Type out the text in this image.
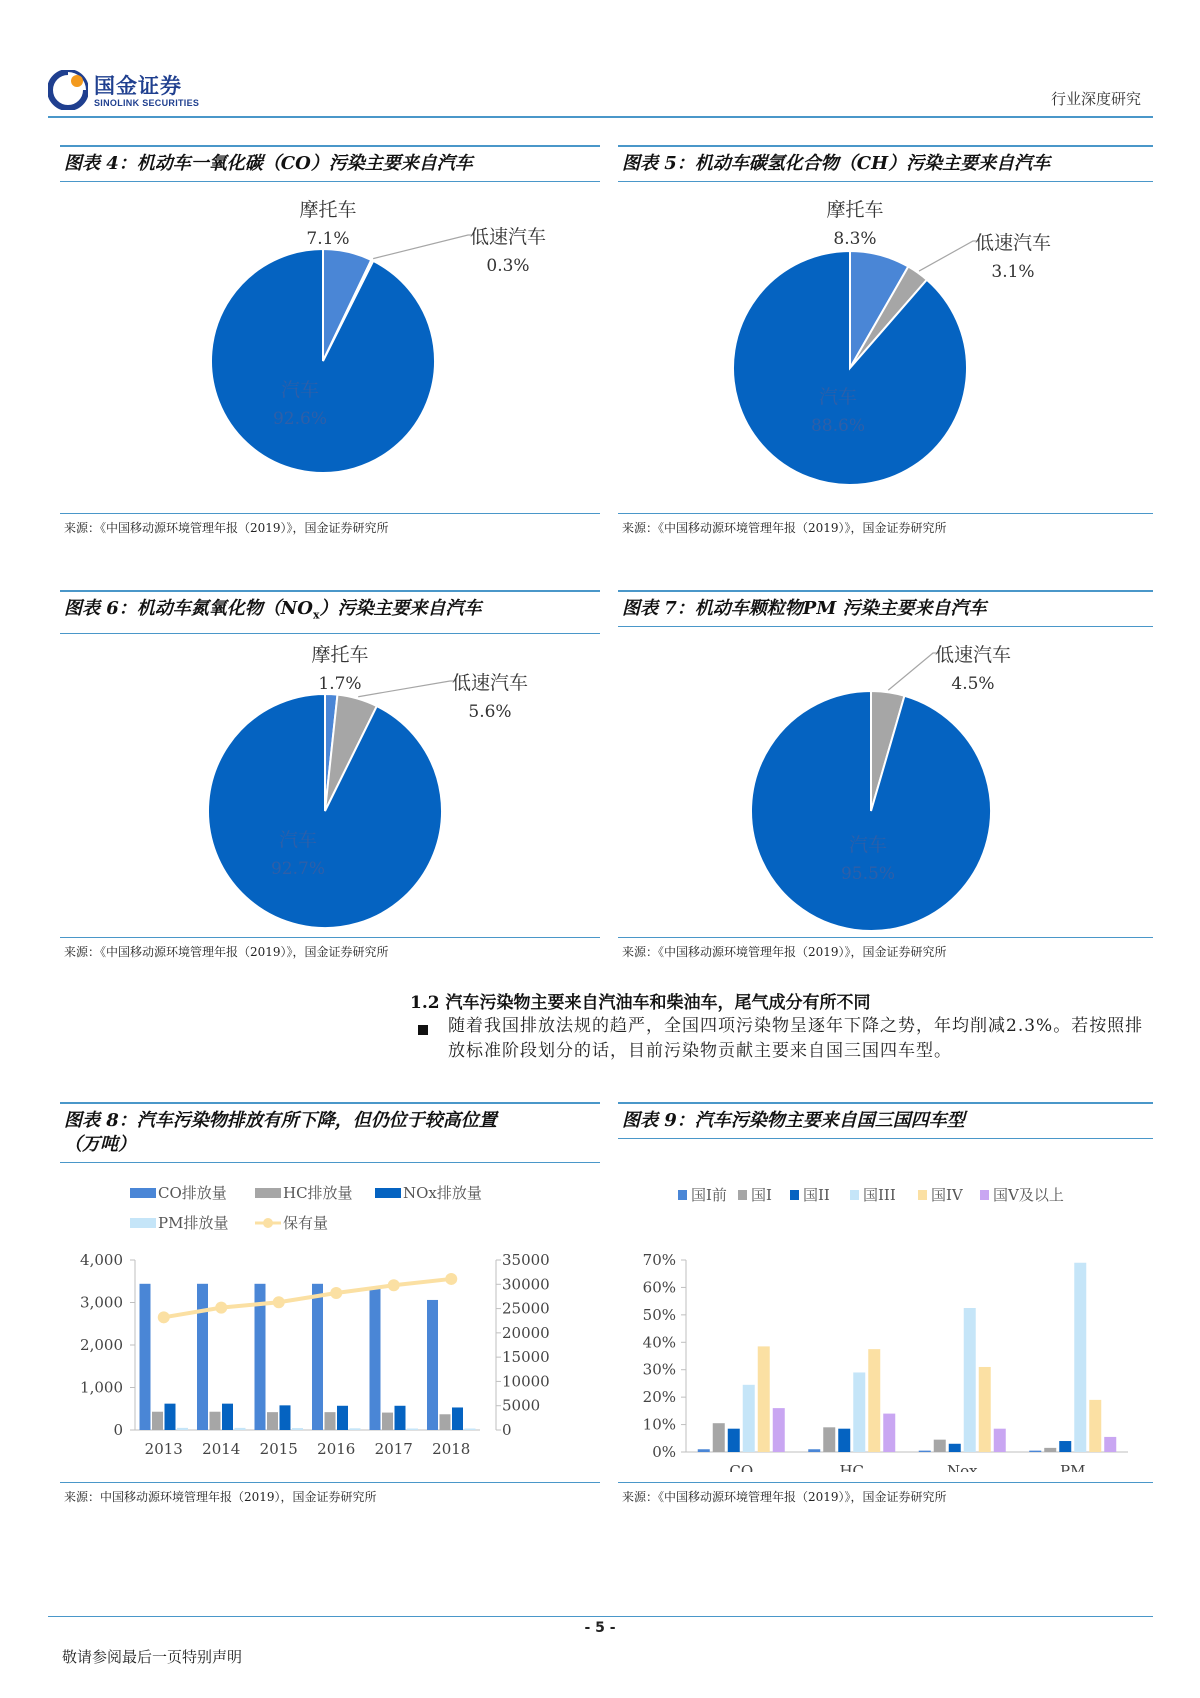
国金证券
SINOLINK SECURITIES	行业深度研究
图表 4：机动车一氧化碳（CO）污染主要来自汽车
摩托车
7.1%	低速汽车
0.3%
汽车
92.6%
来源：《中国移动源环境管理年报（2019）》，国金证券研究所
图表 5：机动车碳氢化合物（CH）污染主要来自汽车
摩托车
8.3%	低速汽车
3.1%
汽车
88.6%
来源：《中国移动源环境管理年报（2019）》，国金证券研究所
图表 6：机动车氮氧化物$(NO_x)$污染主要来自汽车
摩托车
1.7%	低速汽车
5.6%
汽车
92.7%
来源：《中国移动源环境管理年报（2019）》，国金证券研究所
图表 7：机动车颗粒物PM 污染主要来自汽车
低速汽车
4.5%
汽车
95.5%
来源：《中国移动源环境管理年报（2019）》，国金证券研究所
1.2 汽车污染物主要来自汽油车和柴油车，尾气成分有所不同
随着我国排放法规的趋严，全国四项污染物呈逐年下降之势，年均削减2.3%。若按照排放标准阶段划分的话，目前污染物贡献主要来自国三国四车型。
图表 8：汽车污染物排放有所下降，但仍位于较高位置
（万吨）
CO排放量	HC排放量	NOx排放量
PM排放量	保有量
4,000
3,000
2,000
1,000
0
35000
30000
25000
20000
15000
10000
5000
0
2013 2014 2015 2016 2017 2018
来源：中国移动源环境管理年报（2019），国金证券研究所
图表 9：汽车污染物主要来自国三国四车型
国I前 国I 国II 国III 国IV 国V及以上
70%
60%
50%
40%
30%
20%
10%
0%
CO	HC	Nox	PM
来源：《中国移动源环境管理年报（2019）》，国金证券研究所
- 5 -
敬请参阅最后一页特别声明
